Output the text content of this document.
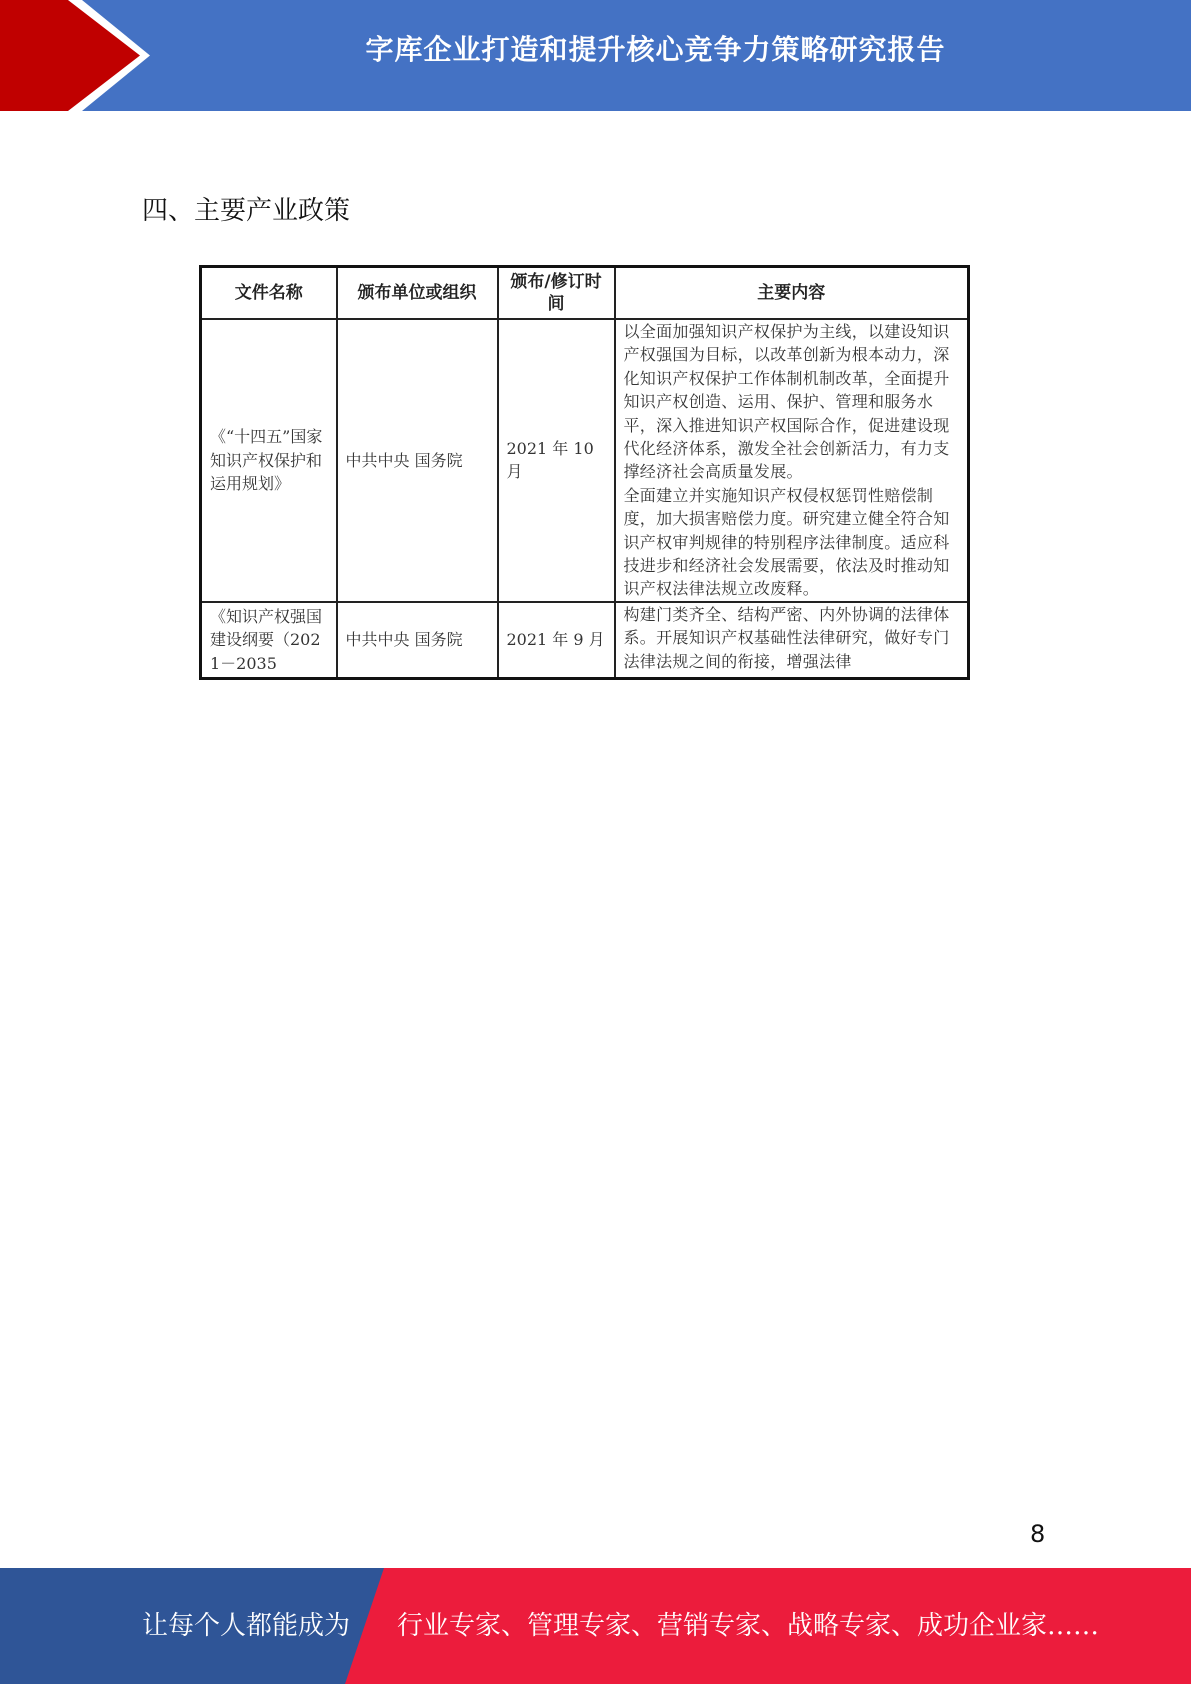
字库企业打造和提升核心竞争力策略研究报告
四、主要产业政策
文件名称	颁布单位或组织	颁布/修订时间	主要内容
《“十四五”国家知识产权保护和运用规划》	中共中央 国务院	2021 年 10 月	以全面加强知识产权保护为主线，以建设知识产权强国为目标，以改革创新为根本动力，深化知识产权保护工作体制机制改革，全面提升知识产权创造、运用、保护、管理和服务水平，深入推进知识产权国际合作，促进建设现代化经济体系，激发全社会创新活力，有力支撑经济社会高质量发展。

全面建立并实施知识产权侵权惩罚性赔偿制度，加大损害赔偿力度。研究建立健全符合知识产权审判规律的特别程序法律制度。适应科技进步和经济社会发展需要，依法及时推动知识产权法律法规立改废释。

《知识产权强国建设纲要（2021－2035	中共中央 国务院	2021 年 9 月	构建门类齐全、结构严密、内外协调的法律体系。开展知识产权基础性法律研究，做好专门法律法规之间的衔接，增强法律

8
让每个人都能成为 行业专家、管理专家、营销专家、战略专家、成功企业家……
